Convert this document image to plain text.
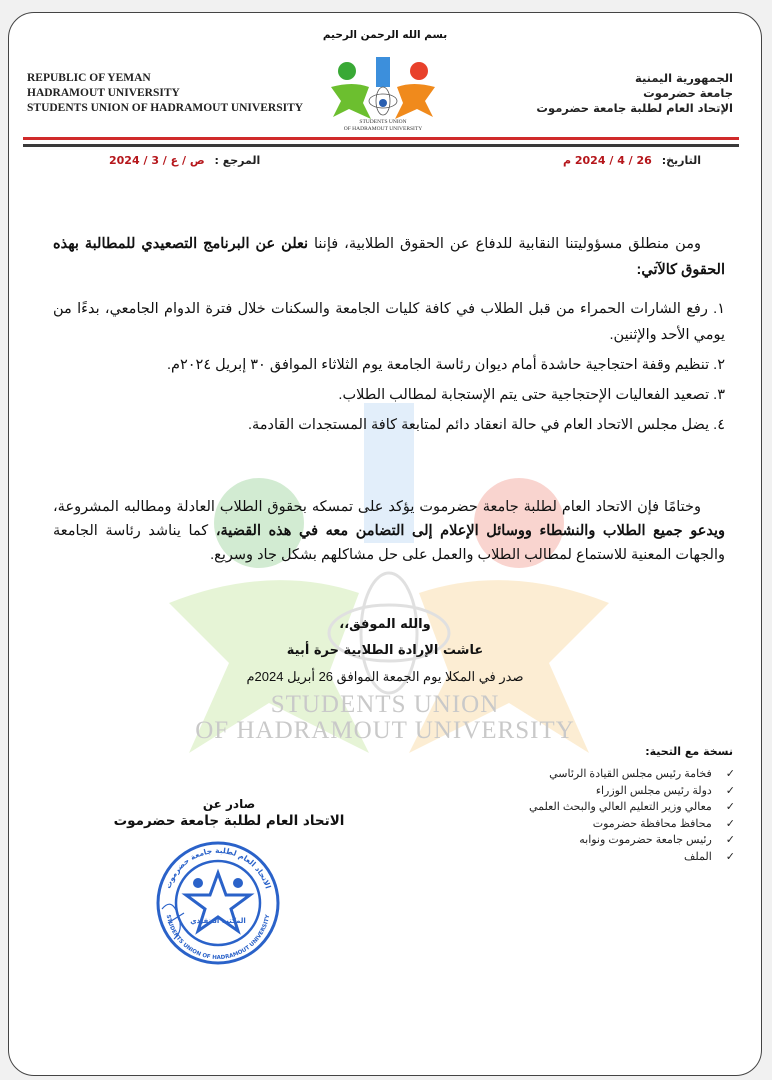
بسم الله الرحمن الرحيم
REPUBLIC OF YEMAN
HADRAMOUT UNIVERSITY
STUDENTS UNION OF HADRAMOUT UNIVERSITY
STUDENTS UNION
OF HADRAMOUT UNIVERSITY
الجمهورية اليمنية
جامعة حضرموت
الإتحاد العام لطلبة جامعة حضرموت
التاريخ: 26 / 4 / 2024 م
المرجع : ص / ع / 3 / 2024
STUDENTS UNION
OF HADRAMOUT UNIVERSITY

ومن منطلق مسؤوليتنا النقابية للدفاع عن الحقوق الطلابية، فإننا نعلن عن البرنامج التصعيدي للمطالبة بهذه الحقوق كالآتي:

١. رفع الشارات الحمراء من قبل الطلاب في كافة كليات الجامعة والسكنات خلال فترة الدوام الجامعي، بدءًا من يومي الأحد والإثنين.
٢. تنظيم وقفة احتجاجية حاشدة أمام ديوان رئاسة الجامعة يوم الثلاثاء الموافق ٣٠ إبريل ٢٠٢٤م.
٣. تصعيد الفعاليات الإحتجاجية حتى يتم الإستجابة لمطالب الطلاب.
٤. يضل مجلس الاتحاد العام في حالة انعقاد دائم لمتابعة كافة المستجدات القادمة.

وختامًا فإن الاتحاد العام لطلبة جامعة حضرموت يؤكد على تمسكه بحقوق الطلاب العادلة ومطالبه المشروعة، ويدعو جميع الطلاب والنشطاء ووسائل الإعلام إلى التضامن معه في هذه القضية، كما يناشد رئاسة الجامعة والجهات المعنية للاستماع لمطالب الطلاب والعمل على حل مشاكلهم بشكل جاد وسريع.

والله الموفق،،
عاشت الإرادة الطلابية حرة أبية
صدر في المكلا يوم الجمعة الموافق 26 أبريل 2024م
نسخة مع التحية:
✓
فخامة رئيس مجلس القيادة الرئاسي
✓
دولة رئيس مجلس الوزراء
✓
معالي وزير التعليم العالي والبحث العلمي
✓
محافظ محافظة حضرموت
✓
رئيس جامعة حضرموت ونوابه
✓
الملف
صادر عن
الاتحاد العام لطلبة جامعة حضرموت
المكتب التنفيذي
الاتحاد العام لطلبة جامعة حضرموت
STUDENTS UNION OF HADRAMOUT UNIVERSITY
